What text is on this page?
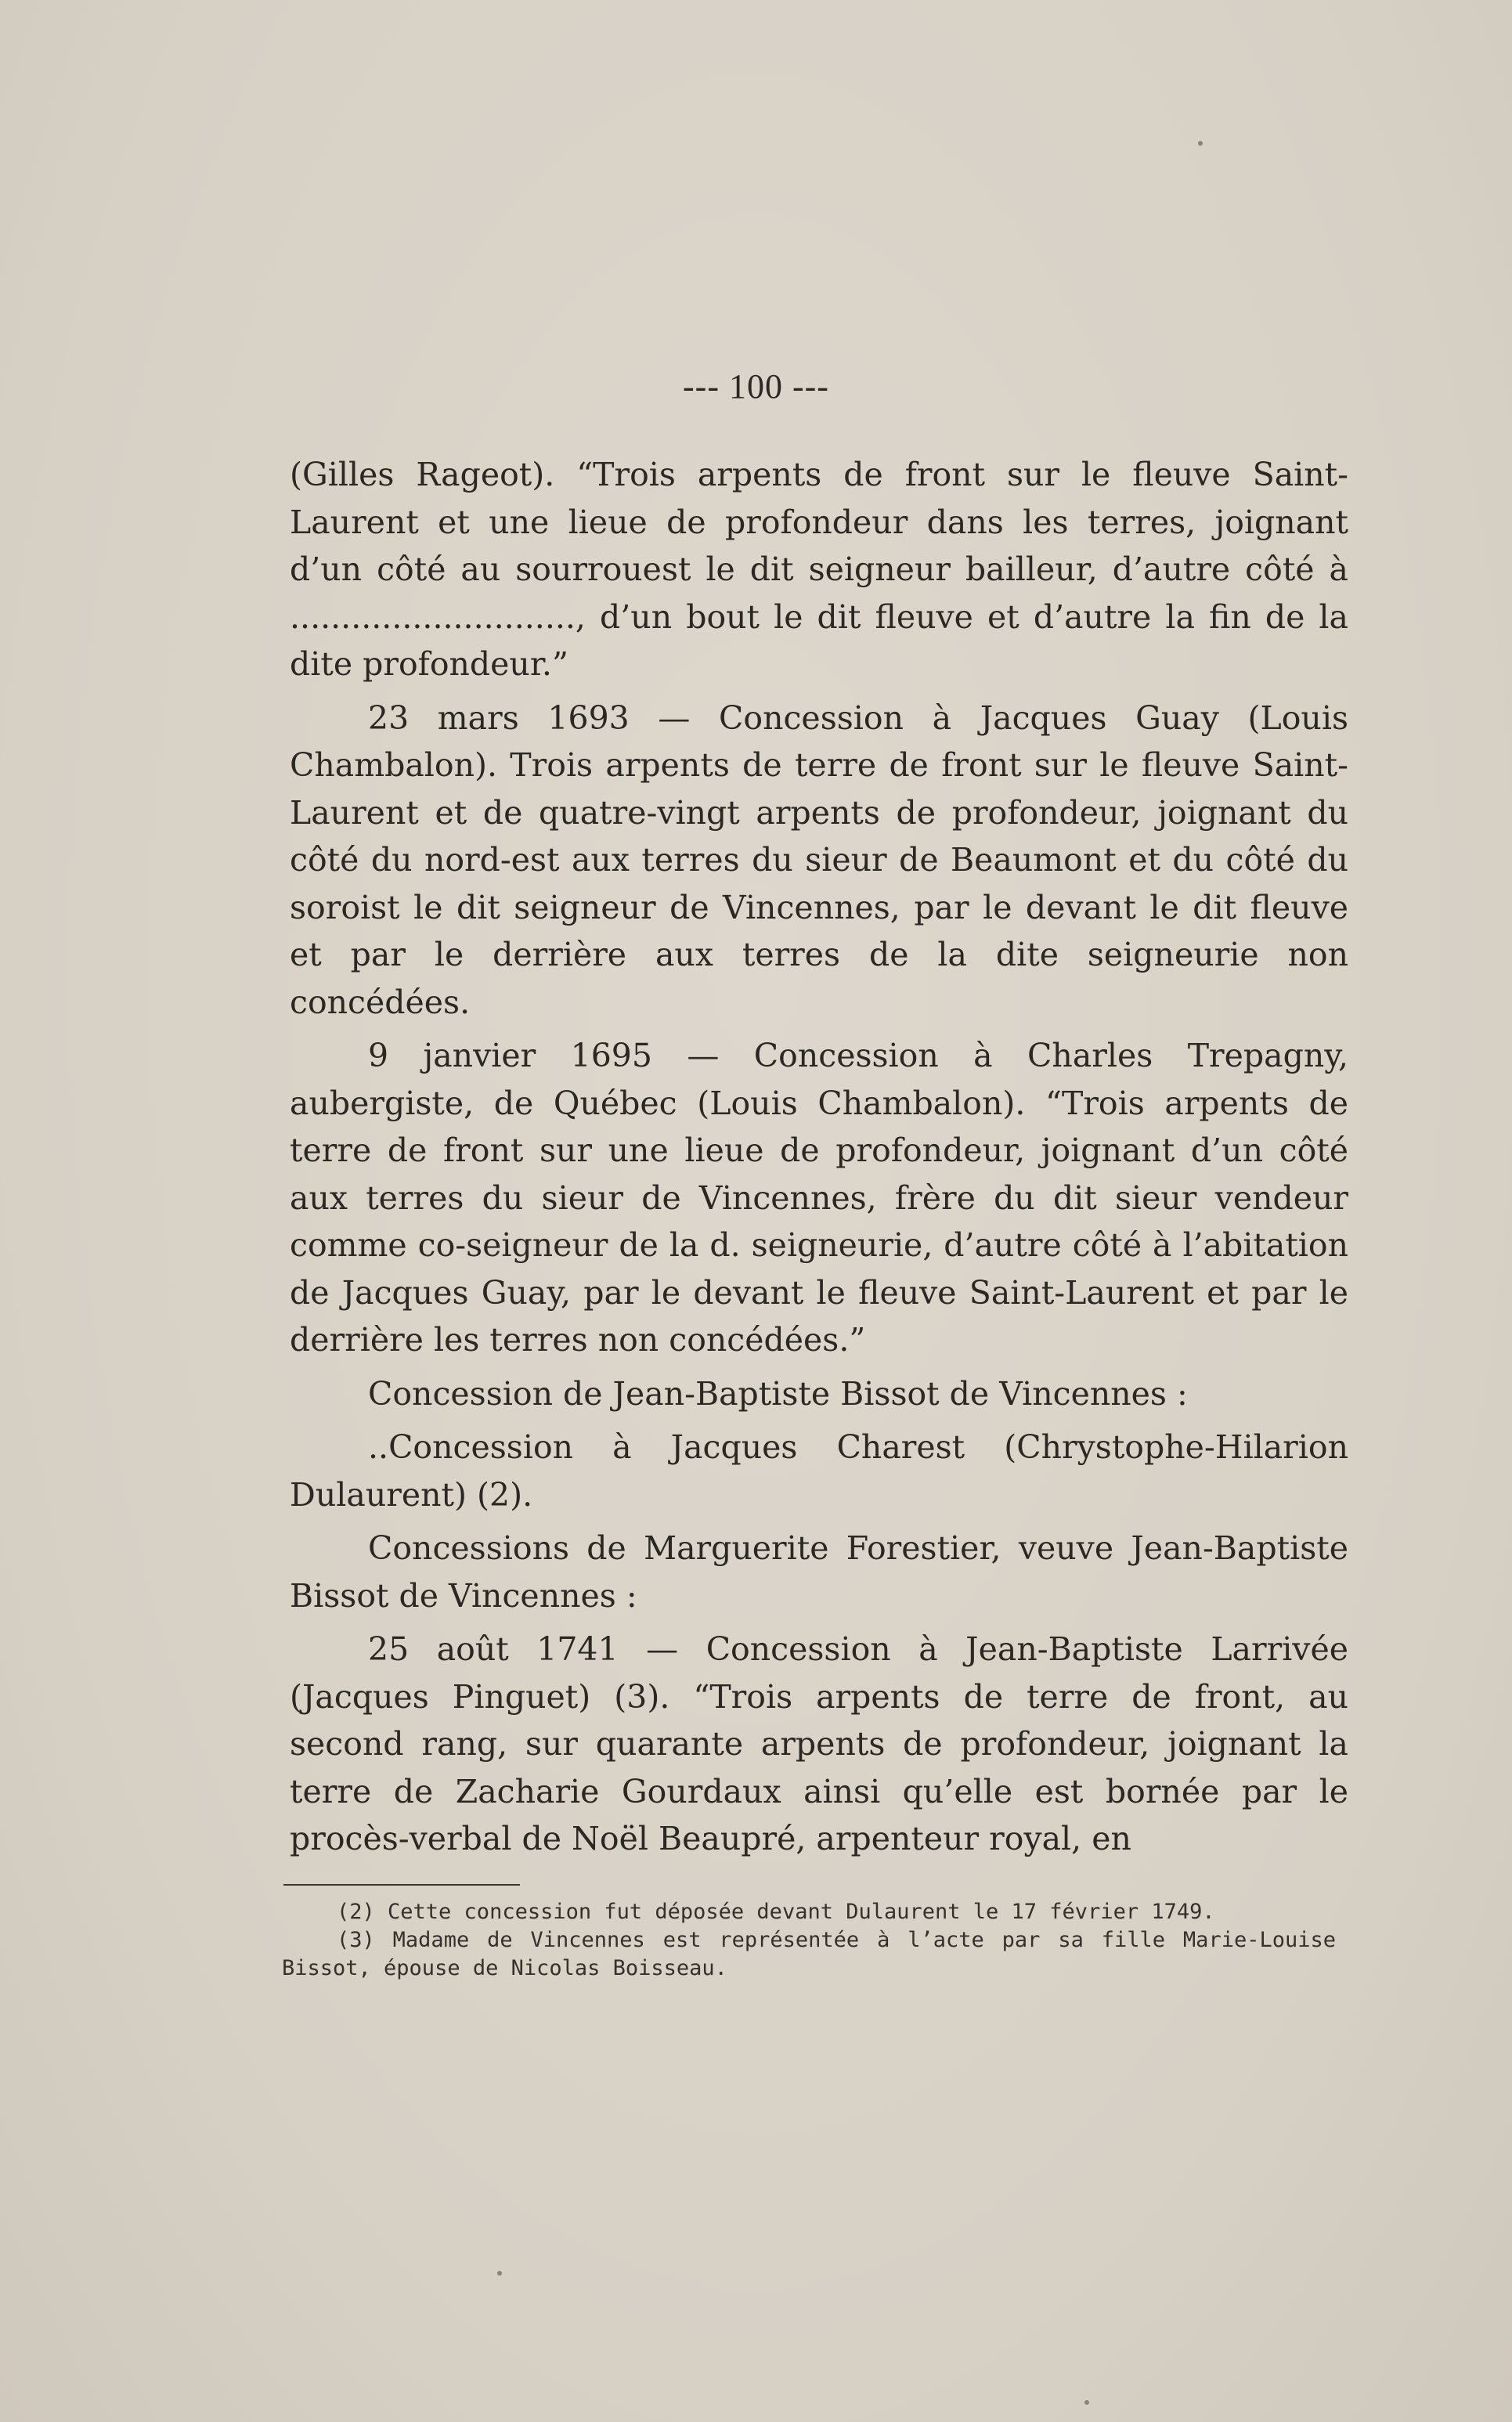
--- 100 ---

(Gilles Rageot). “Trois arpents de front sur le fleuve Saint-Laurent et une lieue de profondeur dans les terres, joignant d’un côté au sourrouest le dit seigneur bailleur, d’autre côté à ............................, d’un bout le dit fleuve et d’autre la fin de la dite profondeur.”

23 mars 1693 — Concession à Jacques Guay (Louis Chambalon). Trois arpents de terre de front sur le fleuve Saint-Laurent et de quatre-vingt arpents de profondeur, joignant du côté du nord-est aux terres du sieur de Beaumont et du côté du soroist le dit seigneur de Vincennes, par le devant le dit fleuve et par le derrière aux terres de la dite seigneurie non concédées.

9 janvier 1695 — Concession à Charles Trepagny, aubergiste, de Québec (Louis Chambalon). “Trois arpents de terre de front sur une lieue de profondeur, joignant d’un côté aux terres du sieur de Vincennes, frère du dit sieur vendeur comme co-seigneur de la d. seigneurie, d’autre côté à l’abitation de Jacques Guay, par le devant le fleuve Saint-Laurent et par le derrière les terres non concédées.”

Concession de Jean-Baptiste Bissot de Vincennes :

..Concession à Jacques Charest (Chrystophe-Hilarion Dulaurent) (2).

Concessions de Marguerite Forestier, veuve Jean-Baptiste Bissot de Vincennes :

25 août 1741 — Concession à Jean-Baptiste Larrivée (Jacques Pinguet) (3). “Trois arpents de terre de front, au second rang, sur quarante arpents de profondeur, joignant la terre de Zacharie Gourdaux ainsi qu’elle est bornée par le procès-verbal de Noël Beaupré, arpenteur royal, en

(2) Cette concession fut déposée devant Dulaurent le 17 février 1749.

(3) Madame de Vincennes est représentée à l’acte par sa fille Marie-Louise Bissot, épouse de Nicolas Boisseau.
